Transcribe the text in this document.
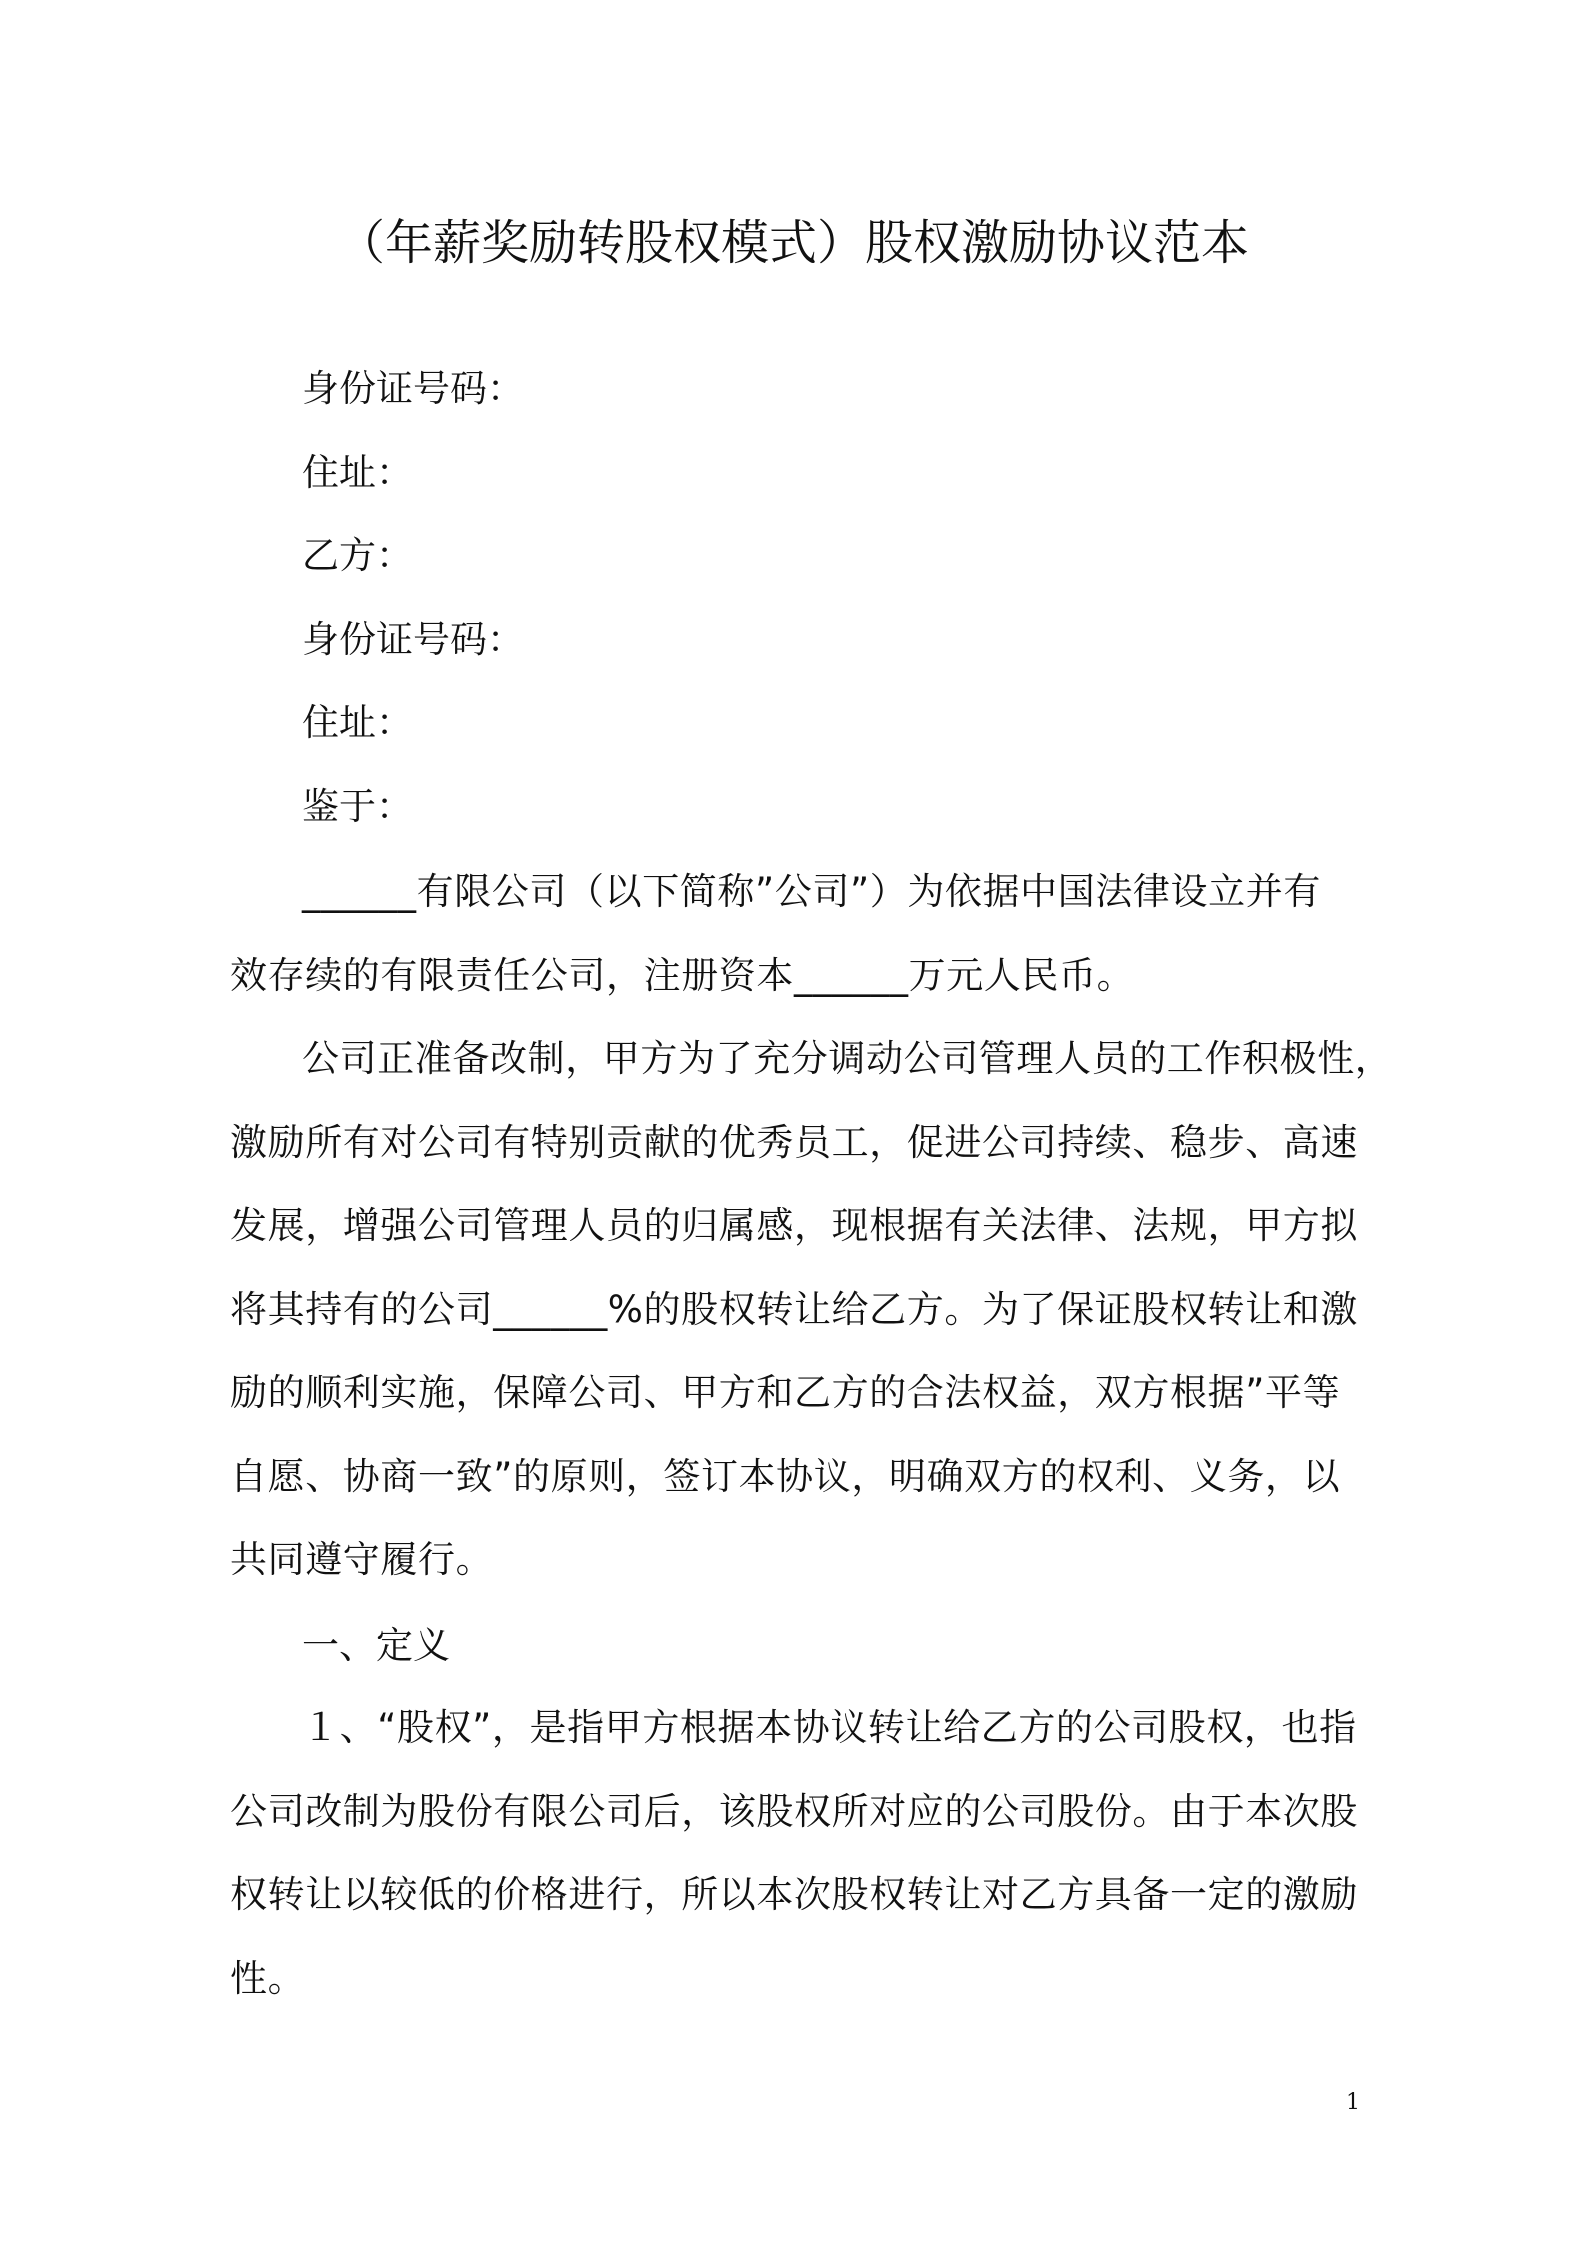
（年薪奖励转股权模式）股权激励协议范本
身份证号码：
住址：
乙方：
身份证号码：
住址：
鉴于：
______有限公司（以下简称”公司”）为依据中国法律设立并有
效存续的有限责任公司，注册资本______万元人民币。
公司正准备改制，甲方为了充分调动公司管理人员的工作积极性，
激励所有对公司有特别贡献的优秀员工，促进公司持续、稳步、高速
发展，增强公司管理人员的归属感，现根据有关法律、法规，甲方拟
将其持有的公司______%的股权转让给乙方。为了保证股权转让和激
励的顺利实施，保障公司、甲方和乙方的合法权益，双方根据”平等
自愿、协商一致”的原则，签订本协议，明确双方的权利、义务，以
共同遵守履行。
一、定义
１、“股权”，是指甲方根据本协议转让给乙方的公司股权，也指
公司改制为股份有限公司后，该股权所对应的公司股份。由于本次股
权转让以较低的价格进行，所以本次股权转让对乙方具备一定的激励
性。
1
